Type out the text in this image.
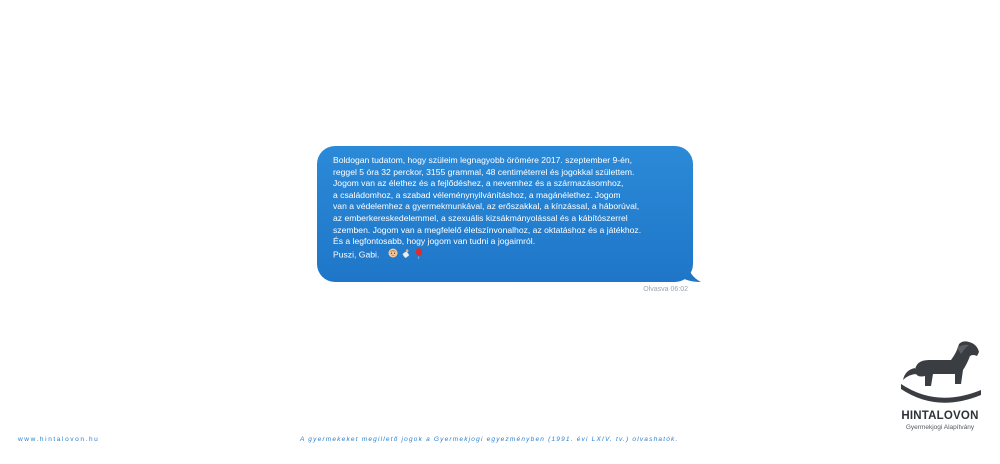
Boldogan tudatom, hogy szüleim legnagyobb örömére 2017. szeptember 9-én,
reggel 5 óra 32 perckor, 3155 grammal, 48 centiméterrel és jogokkal születtem.
Jogom van az élethez és a fejlődéshez, a nevemhez és a származásomhoz,
a családomhoz, a szabad véleménynyilvánításhoz, a magánélethez. Jogom
van a védelemhez a gyermekmunkával, az erőszakkal, a kínzással, a háborúval,
az emberkereskedelemmel, a szexuális kizsákmányolással és a kábítószerrel
szemben. Jogom van a megfelelő életszínvonalhoz, az oktatáshoz és a játékhoz.
És a legfontosabb, hogy jogom van tudni a jogaimról.
Puszi, Gabi.
Olvasva 06:02
www.hintalovon.hu	A gyermekeket megillető jogok a Gyermekjogi egyezményben (1991. évi LXIV. tv.) olvashatók.
HINTALOVON
Gyermekjogi Alapítvány
